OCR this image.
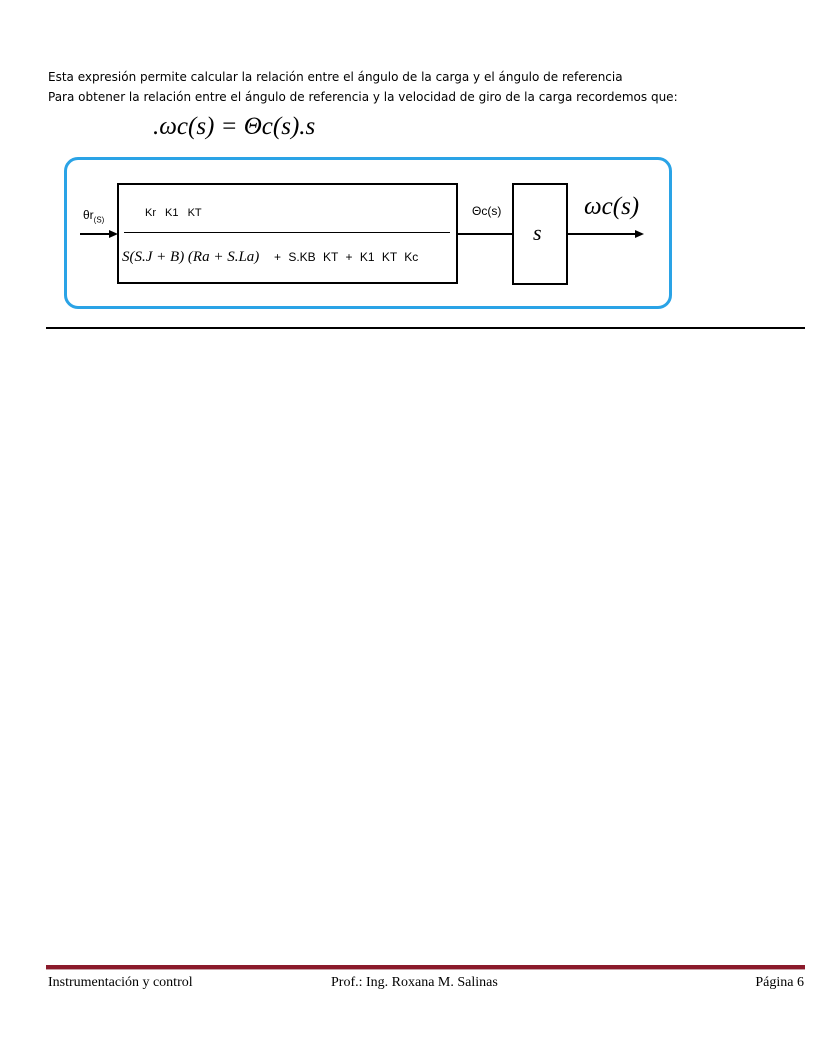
Esta expresión permite calcular la relación entre el ángulo de la carga y el ángulo de referencia
Para obtener la relación entre el ángulo de referencia y la velocidad de giro de la carga recordemos que:
.ωc(s) = Θc(s).s
$\theta r_{(S)}$
Kr K1 KT
S(S.J + B) (Ra + S.La) + S.KB KT + K1 KT Kc
Θc(s)
s
ωc(s)
Instrumentación y control	Prof.: Ing. Roxana M. Salinas	Página 6
